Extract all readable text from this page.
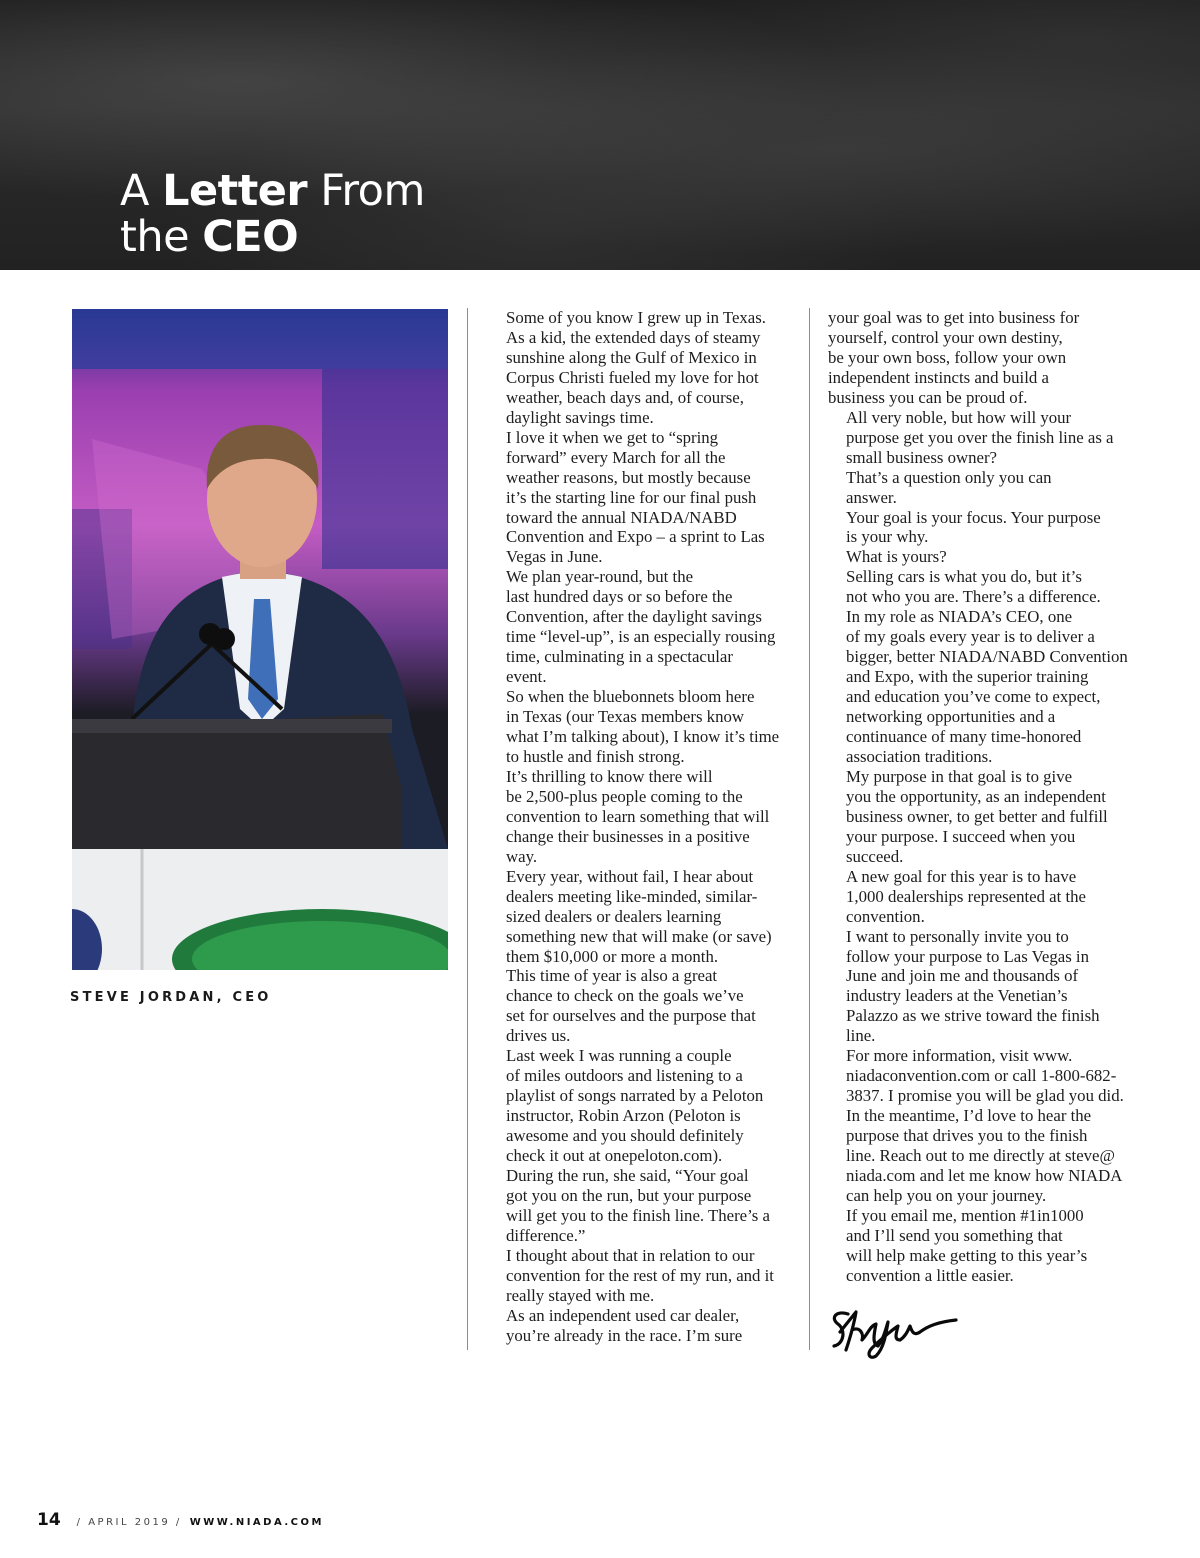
A Letter From
the CEO

STEVE JORDAN, CEO

Some of you know I grew up in Texas.

As a kid, the extended days of steamy
sunshine along the Gulf of Mexico in
Corpus Christi fueled my love for hot
weather, beach days and, of course,
daylight savings time.

I love it when we get to “spring
forward” every March for all the
weather reasons, but mostly because
it’s the starting line for our final push
toward the annual NIADA/NABD
Convention and Expo – a sprint to Las
Vegas in June.

We plan year-round, but the
last hundred days or so before the
Convention, after the daylight savings
time “level-up”, is an especially rousing
time, culminating in a spectacular
event.

So when the bluebonnets bloom here
in Texas (our Texas members know
what I’m talking about), I know it’s time
to hustle and finish strong.

It’s thrilling to know there will
be 2,500-plus people coming to the
convention to learn something that will
change their businesses in a positive
way.

Every year, without fail, I hear about
dealers meeting like-minded, similar-
sized dealers or dealers learning
something new that will make (or save)
them $10,000 or more a month.

This time of year is also a great
chance to check on the goals we’ve
set for ourselves and the purpose that
drives us.

Last week I was running a couple
of miles outdoors and listening to a
playlist of songs narrated by a Peloton
instructor, Robin Arzon (Peloton is
awesome and you should definitely
check it out at onepeloton.com).

During the run, she said, “Your goal
got you on the run, but your purpose
will get you to the finish line. There’s a
difference.”

I thought about that in relation to our
convention for the rest of my run, and it
really stayed with me.

As an independent used car dealer,
you’re already in the race. I’m sure

your goal was to get into business for
yourself, control your own destiny,
be your own boss, follow your own
independent instincts and build a
business you can be proud of.

All very noble, but how will your
purpose get you over the finish line as a
small business owner?

That’s a question only you can
answer.

Your goal is your focus. Your purpose
is your why.

What is yours?

Selling cars is what you do, but it’s
not who you are. There’s a difference.

In my role as NIADA’s CEO, one
of my goals every year is to deliver a
bigger, better NIADA/NABD Convention
and Expo, with the superior training
and education you’ve come to expect,
networking opportunities and a
continuance of many time-honored
association traditions.

My purpose in that goal is to give
you the opportunity, as an independent
business owner, to get better and fulfill
your purpose. I succeed when you
succeed.

A new goal for this year is to have
1,000 dealerships represented at the
convention.

I want to personally invite you to
follow your purpose to Las Vegas in
June and join me and thousands of
industry leaders at the Venetian’s
Palazzo as we strive toward the finish
line.

For more information, visit www.
niadaconvention.com or call 1-800-682-
3837. I promise you will be glad you did.

In the meantime, I’d love to hear the
purpose that drives you to the finish
line. Reach out to me directly at steve@
niada.com and let me know how NIADA
can help you on your journey.

If you email me, mention #1in1000
and I’ll send you something that
will help make getting to this year’s
convention a little easier.

14 / APRIL 2019 / WWW.NIADA.COM
